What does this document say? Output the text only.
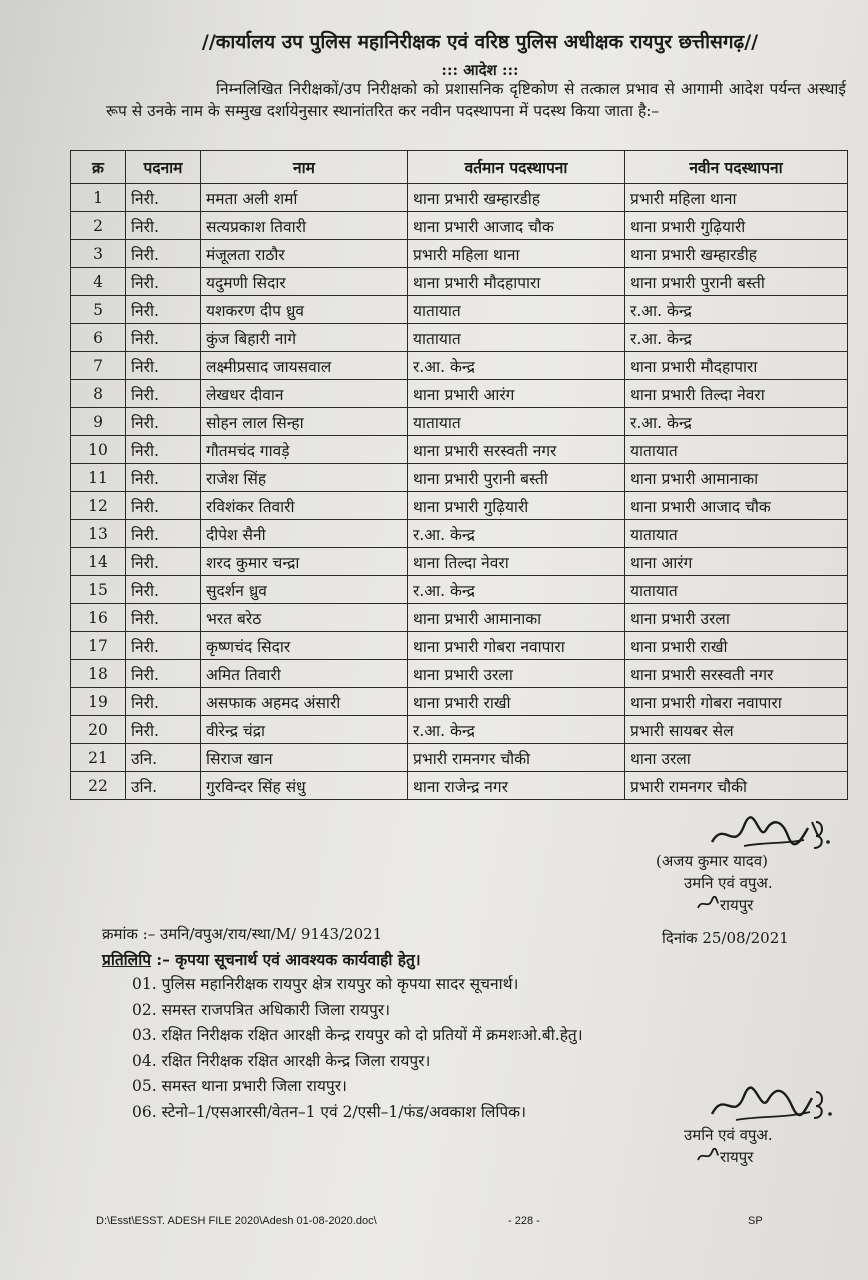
//कार्यालय उप पुलिस महानिरीक्षक एवं वरिष्ठ पुलिस अधीक्षक रायपुर छत्तीसगढ़//
::: आदेश :::
निम्नलिखित निरीक्षकों/उप निरीक्षको को प्रशासनिक दृष्टिकोण से तत्काल प्रभाव से आगामी आदेश पर्यन्त अस्थाई रूप से उनके नाम के सम्मुख दर्शायेनुसार स्थानांतरित कर नवीन पदस्थापना में पदस्थ किया जाता है:–
क्र	पदनाम	नाम	वर्तमान पदस्थापना	नवीन पदस्थापना
1	निरी.	ममता अली शर्मा	थाना प्रभारी खम्हारडीह	प्रभारी महिला थाना
2	निरी.	सत्यप्रकाश तिवारी	थाना प्रभारी आजाद चौक	थाना प्रभारी गुढ़ियारी
3	निरी.	मंजूलता राठौर	प्रभारी महिला थाना	थाना प्रभारी खम्हारडीह
4	निरी.	यदुमणी सिदार	थाना प्रभारी मौदहापारा	थाना प्रभारी पुरानी बस्ती
5	निरी.	यशकरण दीप ध्रुव	यातायात	र.आ. केन्द्र
6	निरी.	कुंज बिहारी नागे	यातायात	र.आ. केन्द्र
7	निरी.	लक्ष्मीप्रसाद जायसवाल	र.आ. केन्द्र	थाना प्रभारी मौदहापारा
8	निरी.	लेखधर दीवान	थाना प्रभारी आरंग	थाना प्रभारी तिल्दा नेवरा
9	निरी.	सोहन लाल सिन्हा	यातायात	र.आ. केन्द्र
10	निरी.	गौतमचंद गावड़े	थाना प्रभारी सरस्वती नगर	यातायात
11	निरी.	राजेश सिंह	थाना प्रभारी पुरानी बस्ती	थाना प्रभारी आमानाका
12	निरी.	रविशंकर तिवारी	थाना प्रभारी गुढ़ियारी	थाना प्रभारी आजाद चौक
13	निरी.	दीपेश सैनी	र.आ. केन्द्र	यातायात
14	निरी.	शरद कुमार चन्द्रा	थाना तिल्दा नेवरा	थाना आरंग
15	निरी.	सुदर्शन ध्रुव	र.आ. केन्द्र	यातायात
16	निरी.	भरत बरेठ	थाना प्रभारी आमानाका	थाना प्रभारी उरला
17	निरी.	कृष्णचंद सिदार	थाना प्रभारी गोबरा नवापारा	थाना प्रभारी राखी
18	निरी.	अमित तिवारी	थाना प्रभारी उरला	थाना प्रभारी सरस्वती नगर
19	निरी.	असफाक अहमद अंसारी	थाना प्रभारी राखी	थाना प्रभारी गोबरा नवापारा
20	निरी.	वीरेन्द्र चंद्रा	र.आ. केन्द्र	प्रभारी सायबर सेल
21	उनि.	सिराज खान	प्रभारी रामनगर चौकी	थाना उरला
22	उनि.	गुरविन्दर सिंह संधु	थाना राजेन्द्र नगर	प्रभारी रामनगर चौकी
(अजय कुमार यादव)
उमनि एवं वपुअ.
रायपुर
क्रमांक :– उमनि/वपुअ/राय/स्था/M/ 9143/2021	दिनांक 25/08/2021
प्रतिलिपि :– कृपया सूचनार्थ एवं आवश्यक कार्यवाही हेतु।
01. पुलिस महानिरीक्षक रायपुर क्षेत्र रायपुर को कृपया सादर सूचनार्थ।
02. समस्त राजपत्रित अधिकारी जिला रायपुर।
03. रक्षित निरीक्षक रक्षित आरक्षी केन्द्र रायपुर को दो प्रतियों में क्रमशःओ.बी.हेतु।
04. रक्षित निरीक्षक रक्षित आरक्षी केन्द्र जिला रायपुर।
05. समस्त थाना प्रभारी जिला रायपुर।
06. स्टेनो–1/एसआरसी/वेतन–1 एवं 2/एसी–1/फंड/अवकाश लिपिक।
उमनि एवं वपुअ.
रायपुर
D:\Esst\ESST. ADESH FILE 2020\Adesh 01-08-2020.doc\	- 228 -	SP
